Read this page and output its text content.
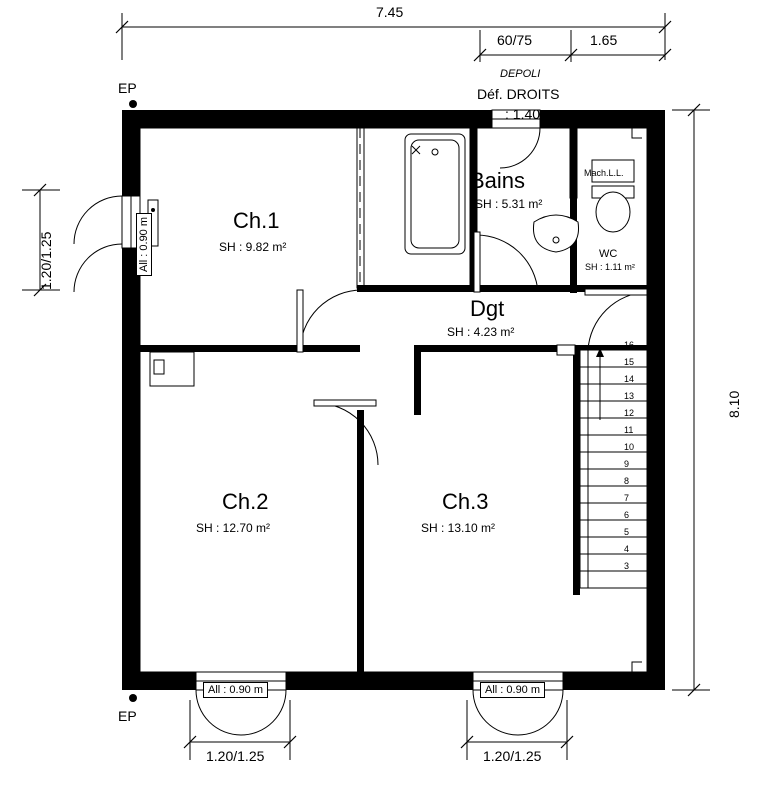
7.45
60/75	1.65
8.10
DEPOLI
Déf. DROITS
: 1.40
EP
EP
1.20/1.25	All : 0.90 m	Ch.1
SH : 9.82 m²
Bains
SH : 5.31 m²
Mach.L.L.
WC
SH : 1.11 m²
Dgt
SH : 4.23 m²
Ch.2
SH : 12.70 m²
Ch.3
SH : 13.10 m²
All : 0.90 m	All : 0.90 m
1.20/1.25	1.20/1.25
16
15
14
13
12
11
10
9
8
7
6
5
4
3
